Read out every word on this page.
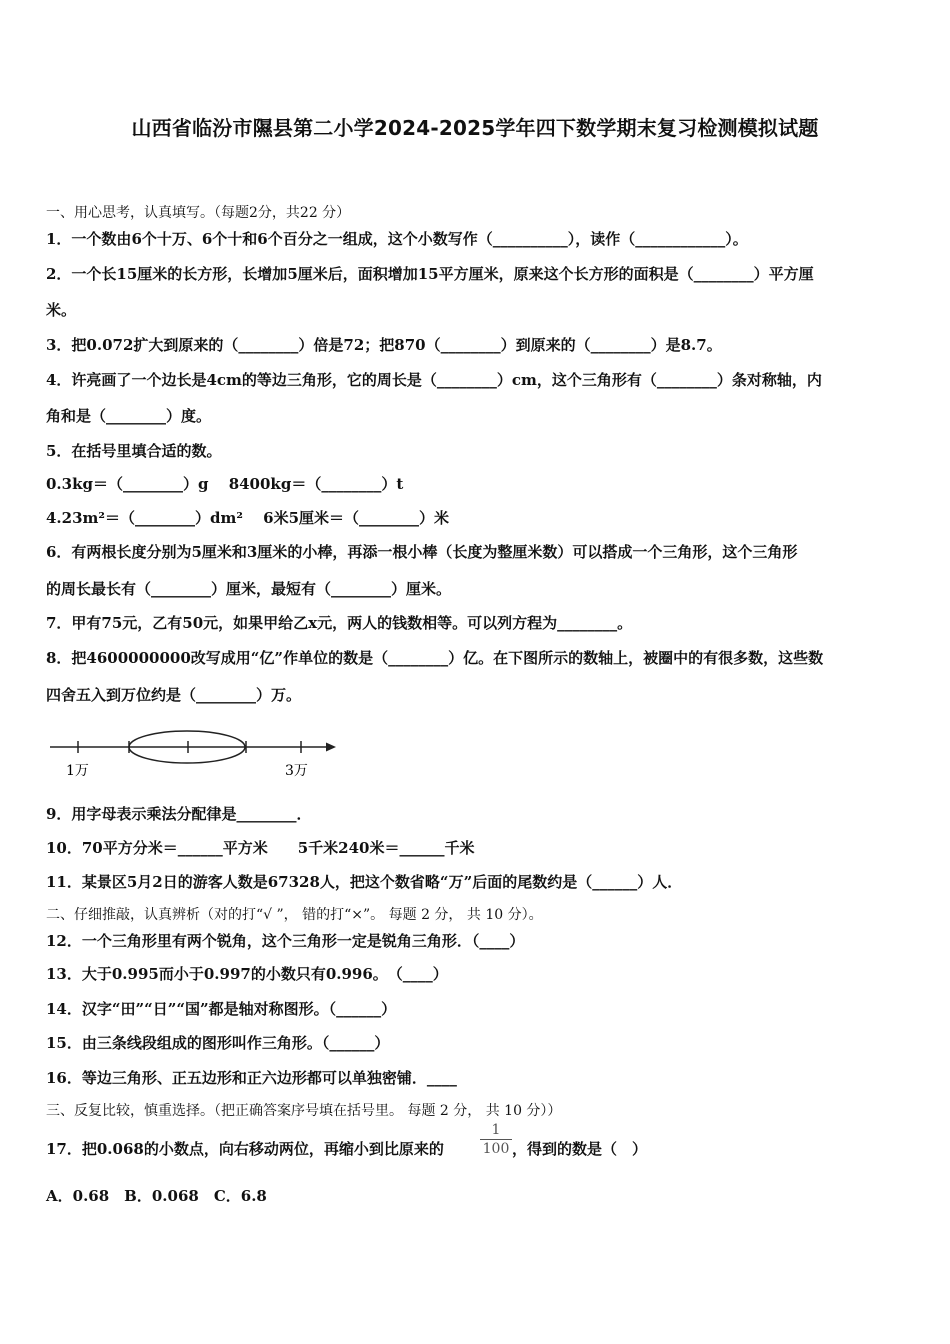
山西省临汾市隰县第二小学2024-2025学年四下数学期末复习检测模拟试题
一、用心思考，认真填写。（每题2分，共22 分）
1．一个数由6个十万、6个十和6个百分之一组成，这个小数写作（__________），读作（____________）。
2．一个长15厘米的长方形，长增加5厘米后，面积增加15平方厘米，原来这个长方形的面积是（________）平方厘
米。
3．把0.072扩大到原来的（________）倍是72；把870（________）到原来的（________）是8.7。
4．许亮画了一个边长是4cm的等边三角形，它的周长是（________）cm，这个三角形有（________）条对称轴，内
角和是（________）度。
5．在括号里填合适的数。
0.3kg＝（________）g　 8400kg＝（________）t
4.23m²＝（________）dm²　 6米5厘米＝（________）米
6．有两根长度分别为5厘米和3厘米的小棒，再添一根小棒（长度为整厘米数）可以搭成一个三角形，这个三角形
的周长最长有（________）厘米，最短有（________）厘米。
7．甲有75元，乙有50元，如果甲给乙x元，两人的钱数相等。可以列方程为________。
8．把4600000000改写成用“亿”作单位的数是（________）亿。在下图所示的数轴上，被圈中的有很多数，这些数
四舍五入到万位约是（________）万。
1万	3万
9．用字母表示乘法分配律是________．
10．70平方分米＝______平方米　　5千米240米＝______千米
11．某景区5月2日的游客人数是67328人，把这个数省略“万”后面的尾数约是（______）人．
二、仔细推敲，认真辨析（对的打“√ ”， 错的打“×”。 每题 2 分， 共 10 分）。
12．一个三角形里有两个锐角，这个三角形一定是锐角三角形．（____）
13．大于0.995而小于0.997的小数只有0.996。　（____）
14．汉字“田”“日”“国”都是轴对称图形。（______）
15．由三条线段组成的图形叫作三角形。（______）
16．等边三角形、正五边形和正六边形都可以单独密铺．____
三、反复比较，慎重选择。（把正确答案序号填在括号里。 每题 2 分， 共 10 分））
17．把0.068的小数点，向右移动两位，再缩小到比原来的
1
100 ，得到的数是（　）
A．0.68　B．0.068　C．6.8
